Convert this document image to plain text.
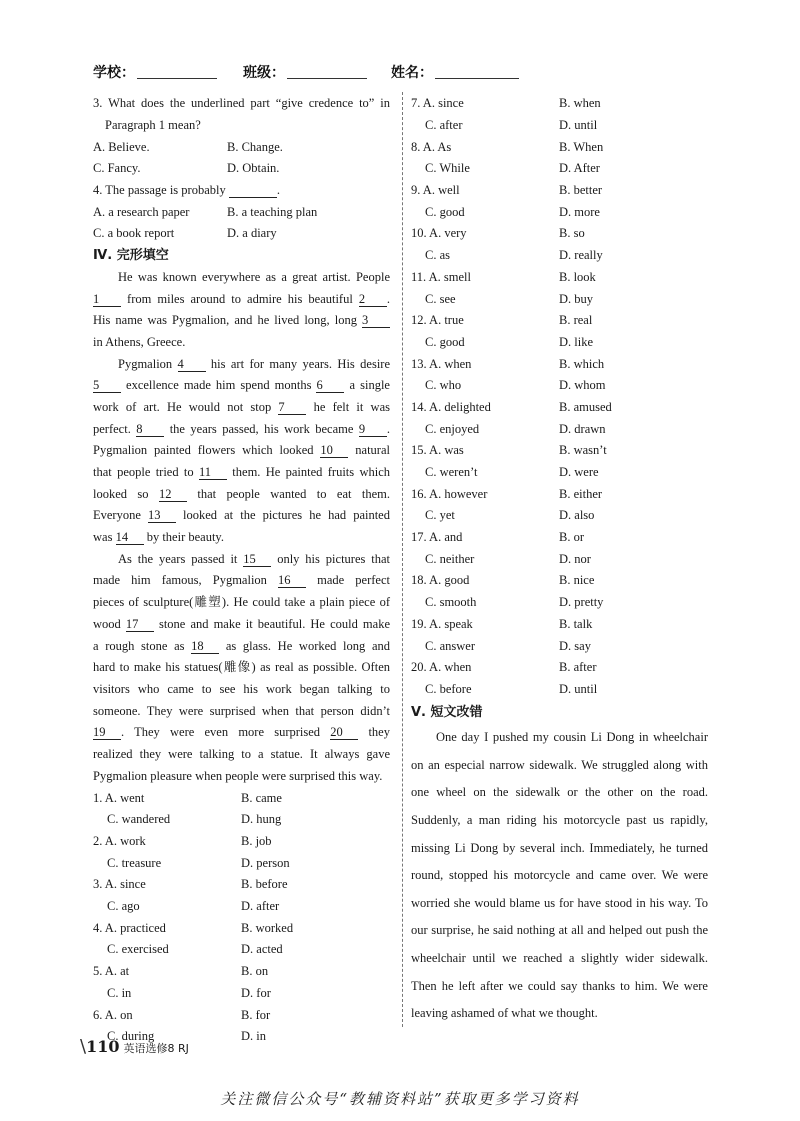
学校：	班级：	姓名：
3. What does the underlined part “give credence to” in
Paragraph 1 mean?
A. Believe.	B. Change.
C. Fancy.	D. Obtain.
4. The passage is probably	.
A. a research paper	B. a teaching plan
C. a book report	D. a diary
Ⅳ. 完形填空
  He was known everywhere as a great artist. People
1 from miles around to admire his beautiful 2 .
His name was Pygmalion, and he lived long, long 3
in Athens, Greece.
  Pygmalion 4 his art for many years. His desire
5 excellence made him spend months 6 a single
work of art. He would not stop 7 he felt it was
perfect. 8 the years passed, his work became 9 .
Pygmalion painted flowers which looked 10 natural
that people tried to 11 them. He painted fruits which
looked so 12 that people wanted to eat them.
Everyone 13 looked at the pictures he had painted
was 14 by their beauty.
  As the years passed it 15 only his pictures that
made him famous, Pygmalion 16 made perfect
pieces of sculpture(雕塑). He could take a plain piece of
wood 17 stone and make it beautiful. He could make
a rough stone as 18 as glass. He worked long and
hard to make his statues(雕像) as real as possible. Often
visitors who came to see his work began talking to
someone. They were surprised when that person didn’t
19 . They were even more surprised 20 they
realized they were talking to a statue. It always gave
Pygmalion pleasure when people were surprised this way.
1. A. went	B. came
C. wandered	D. hung
2. A. work	B. job
C. treasure	D. person
3. A. since	B. before
C. ago	D. after
4. A. practiced	B. worked
C. exercised	D. acted
5. A. at	B. on
C. in	D. for
6. A. on	B. for
C. during	D. in
7. A. since	B. when
C. after	D. until
8. A. As	B. When
C. While	D. After
9. A. well	B. better
C. good	D. more
10. A. very	B. so
C. as	D. really
11. A. smell	B. look
C. see	D. buy
12. A. true	B. real
C. good	D. like
13. A. when	B. which
C. who	D. whom
14. A. delighted	B. amused
C. enjoyed	D. drawn
15. A. was	B. wasn’t
C. weren’t	D. were
16. A. however	B. either
C. yet	D. also
17. A. and	B. or
C. neither	D. nor
18. A. good	B. nice
C. smooth	D. pretty
19. A. speak	B. talk
C. answer	D. say
20. A. when	B. after
C. before	D. until
Ⅴ. 短文改错
  One day I pushed my cousin Li Dong in wheelchair
on an especial narrow sidewalk. We struggled along with
one wheel on the sidewalk or the other on the road.
Suddenly, a man riding his motorcycle past us rapidly,
missing Li Dong by several inch. Immediately, he turned
round, stopped his motorcycle and came over. We were
worried she would blame us for have stood in his way. To
our surprise, he said nothing at all and helped out push the
wheelchair until we reached a slightly wider sidewalk.
Then he left after we could say thanks to him. We were
leaving ashamed of what we thought.
\110 英语选修8 RJ
关注微信公众号“教辅资料站”获取更多学习资料
